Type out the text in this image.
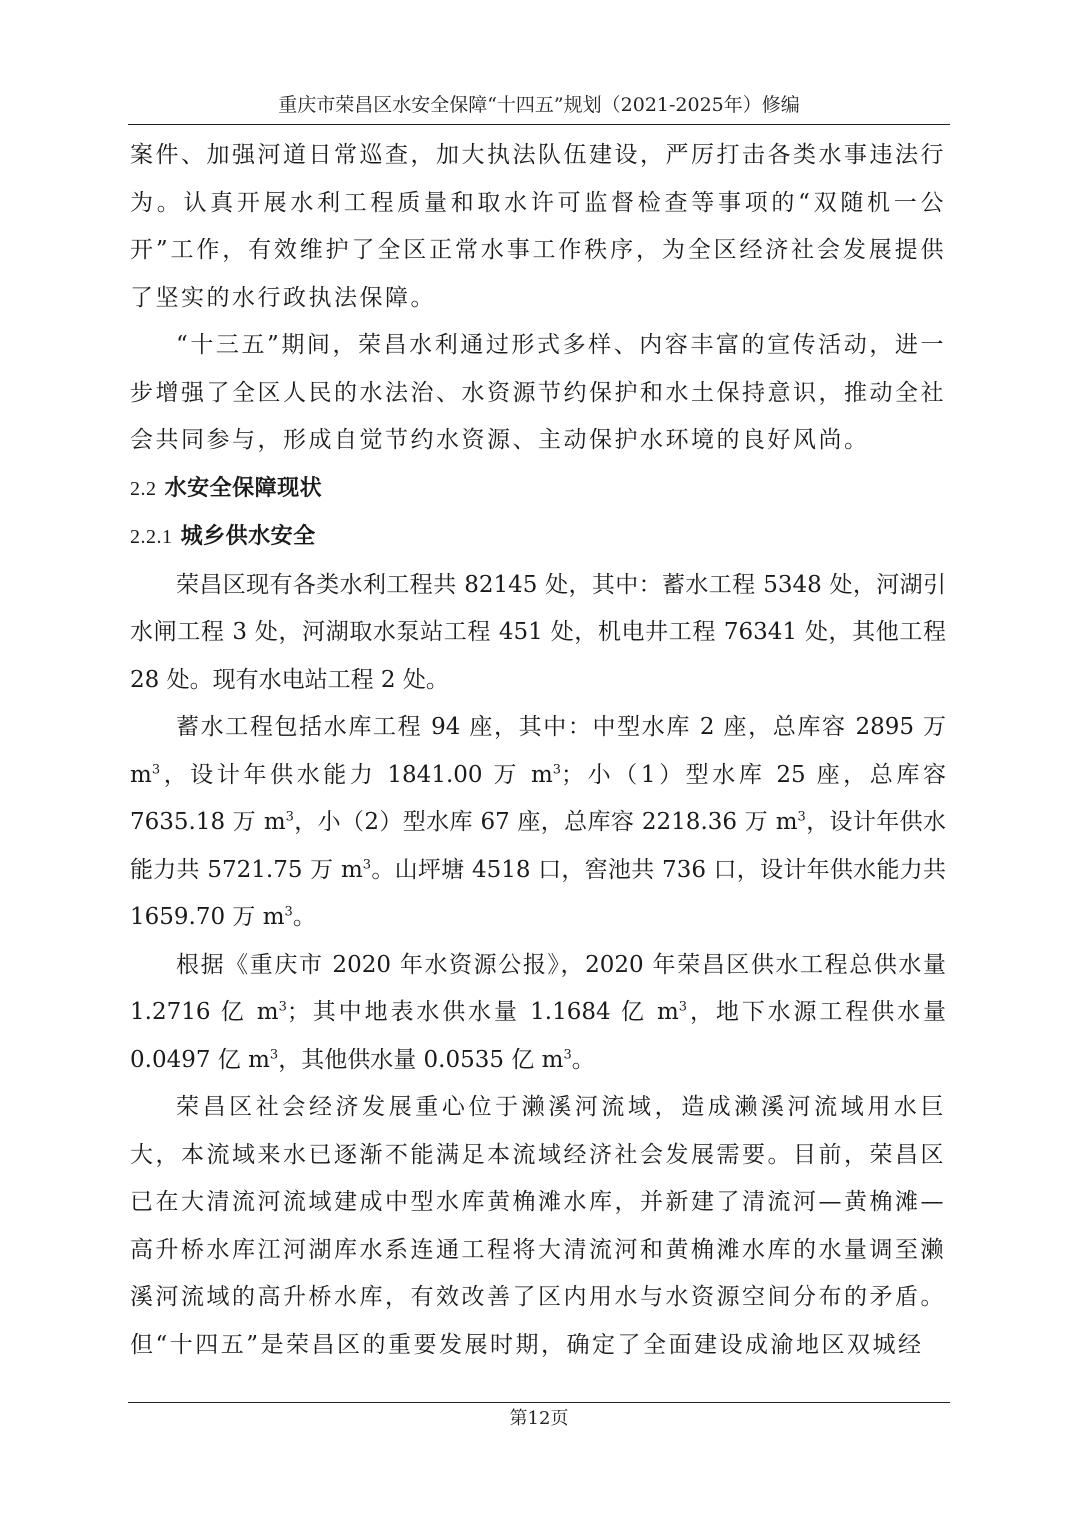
重庆市荣昌区水安全保障“十四五”规划（2021-2025年）修编

案件、加强河道日常巡查，加大执法队伍建设，严厉打击各类水事违法行为。认真开展水利工程质量和取水许可监督检查等事项的“双随机一公开”工作，有效维护了全区正常水事工作秩序，为全区经济社会发展提供了坚实的水行政执法保障。

“十三五”期间，荣昌水利通过形式多样、内容丰富的宣传活动，进一步增强了全区人民的水法治、水资源节约保护和水土保持意识，推动全社会共同参与，形成自觉节约水资源、主动保护水环境的良好风尚。

2.2 水安全保障现状
2.2.1 城乡供水安全

荣昌区现有各类水利工程共 82145 处，其中：蓄水工程 5348 处，河湖引水闸工程 3 处，河湖取水泵站工程 451 处，机电井工程 76341 处，其他工程 28 处。现有水电站工程 2 处。

蓄水工程包括水库工程 94 座，其中：中型水库 2 座，总库容 2895 万 $m^3$，设计年供水能力 1841.00 万 $m^3$；小（1）型水库 25 座，总库容 7635.18 万 $m^3$，小（2）型水库 67 座，总库容 2218.36 万 $m^3$，设计年供水能力共 5721.75 万 $m^3$。山坪塘 4518 口，窖池共 736 口，设计年供水能力共 1659.70 万 $m^3$。

根据《重庆市 2020 年水资源公报》，2020 年荣昌区供水工程总供水量 1.2716 亿 $m^3$；其中地表水供水量 1.1684 亿 $m^3$，地下水源工程供水量 0.0497 亿 $m^3$，其他供水量 0.0535 亿 $m^3$。

荣昌区社会经济发展重心位于濑溪河流域，造成濑溪河流域用水巨大，本流域来水已逐渐不能满足本流域经济社会发展需要。目前，荣昌区已在大清流河流域建成中型水库黄桷滩水库，并新建了清流河—黄桷滩—高升桥水库江河湖库水系连通工程将大清流河和黄桷滩水库的水量调至濑溪河流域的高升桥水库，有效改善了区内用水与水资源空间分布的矛盾。但“十四五”是荣昌区的重要发展时期，确定了全面建设成渝地区双城经

第12页
